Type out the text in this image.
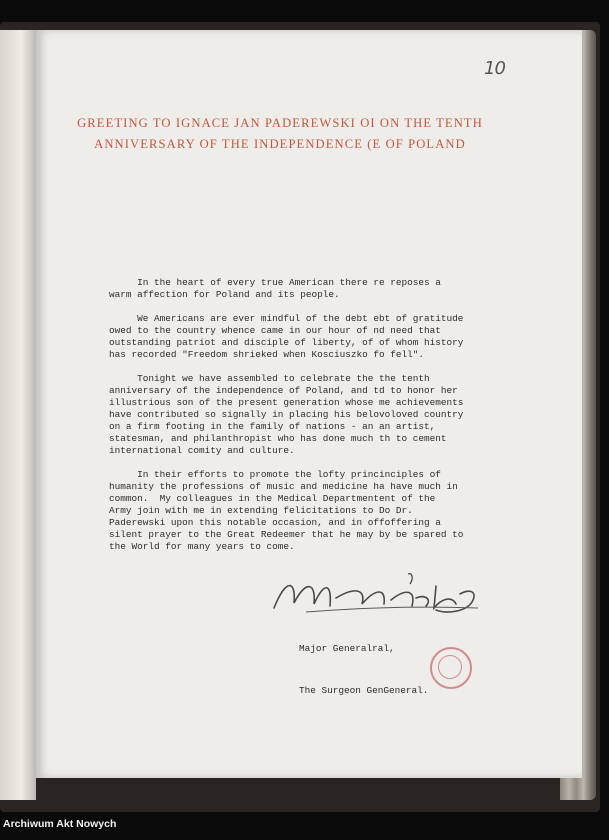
10
GREETING TO IGNACE JAN PADEREWSKI OI ON THE TENTH
ANNIVERSARY OF THE INDEPENDENCE (E OF POLAND
In the heart of every true American there re reposes a
warm affection for Poland and its people.
We Americans are ever mindful of the debt ebt of gratitude
owed to the country whence came in our hour of nd need that
outstanding patriot and disciple of liberty, of of whom history
has recorded "Freedom shrieked when Kosciuszko fo fell".
Tonight we have assembled to celebrate the the tenth
anniversary of the independence of Poland, and td to honor her
illustrious son of the present generation whose me achievements
have contributed so signally in placing his belovoloved country
on a firm footing in the family of nations - an an artist,
statesman, and philanthropist who has done much th to cement
international comity and culture.
In their efforts to promote the lofty princinciples of
humanity the professions of music and medicine ha have much in
common.  My colleagues in the Medical Departmentent of the
Army join with me in extending felicitations to Do Dr.
Paderewski upon this notable occasion, and in offoffering a
silent prayer to the Great Redeemer that he may by be spared to
the World for many years to come.

Major Generalral,

The Surgeon GenGeneral.

Archiwum Akt Nowych
